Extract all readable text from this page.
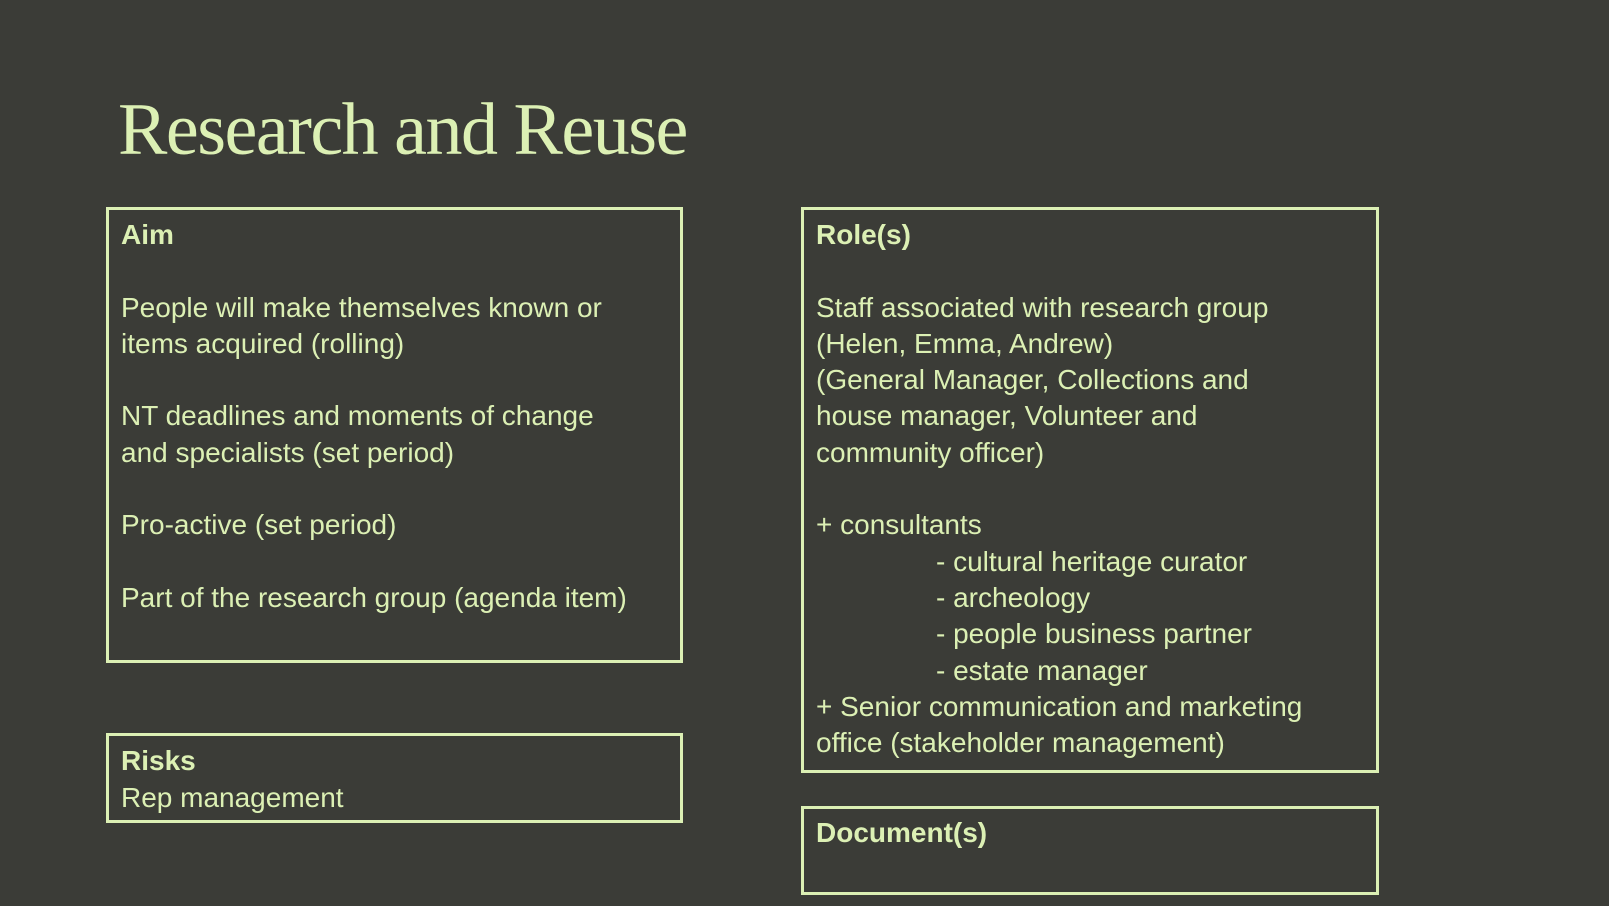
Research and Reuse
Aim
People will make themselves known or
items acquired (rolling)
NT deadlines and moments of change
and specialists (set period)
Pro-active (set period)
Part of the research group (agenda item)
Risks
Rep management
Role(s)
Staff associated with research group
(Helen, Emma, Andrew)
(General Manager, Collections and
house manager, Volunteer and
community officer)
+ consultants
- cultural heritage curator
- archeology
- people business partner
- estate manager
+ Senior communication and marketing
office (stakeholder management)
Document(s)
